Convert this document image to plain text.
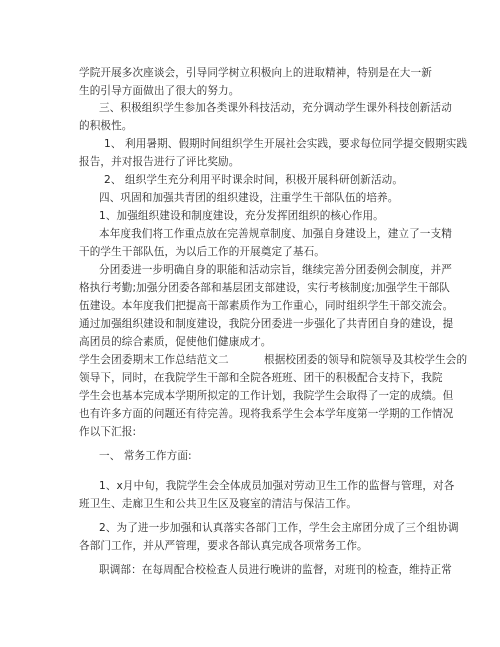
学院开展多次座谈会，引导同学树立积极向上的进取精神，特别是在大一新
生的引导方面做出了很大的努力。
三、积极组织学生参加各类课外科技活动，充分调动学生课外科技创新活动
的积极性。
1、 利用暑期、假期时间组织学生开展社会实践，要求每位同学提交假期实践
报告，并对报告进行了评比奖励。
2、 组织学生充分利用平时课余时间，积极开展科研创新活动。
四、巩固和加强共青团的组织建设，注重学生干部队伍的培养。
1、加强组织建设和制度建设，充分发挥团组织的核心作用。
本年度我们将工作重点放在完善规章制度、加强自身建设上，建立了一支精
干的学生干部队伍，为以后工作的开展奠定了基石。
分团委进一步明确自身的职能和活动宗旨，继续完善分团委例会制度，并严
格执行考勤;加强分团委各部和基层团支部建设，实行考核制度;加强学生干部队
伍建设。本年度我们把提高干部素质作为工作重心，同时组织学生干部交流会。
通过加强组织建设和制度建设，我院分团委进一步强化了共青团自身的建设，提
高团员的综合素质，促使他们健康成才。
学生会团委期末工作总结范文二	根据校团委的领导和院领导及其校学生会的
领导下，同时，在我院学生干部和全院各班班、团干的积极配合支持下，我院
学生会也基本完成本学期所拟定的工作计划，我院学生会取得了一定的成绩。但
也有许多方面的问题还有待完善。现将我系学生会本学年度第一学期的工作情况
作以下汇报:
一、 常务工作方面:
1、x月中旬，我院学生会全体成员加强对劳动卫生工作的监督与管理，对各
班卫生、走廊卫生和公共卫生区及寝室的清洁与保洁工作。
2、为了进一步加强和认真落实各部门工作，学生会主席团分成了三个组协调
各部门工作，并从严管理，要求各部认真完成各项常务工作。
职调部：在每周配合校检查人员进行晚讲的监督，对班刊的检查，维持正常
